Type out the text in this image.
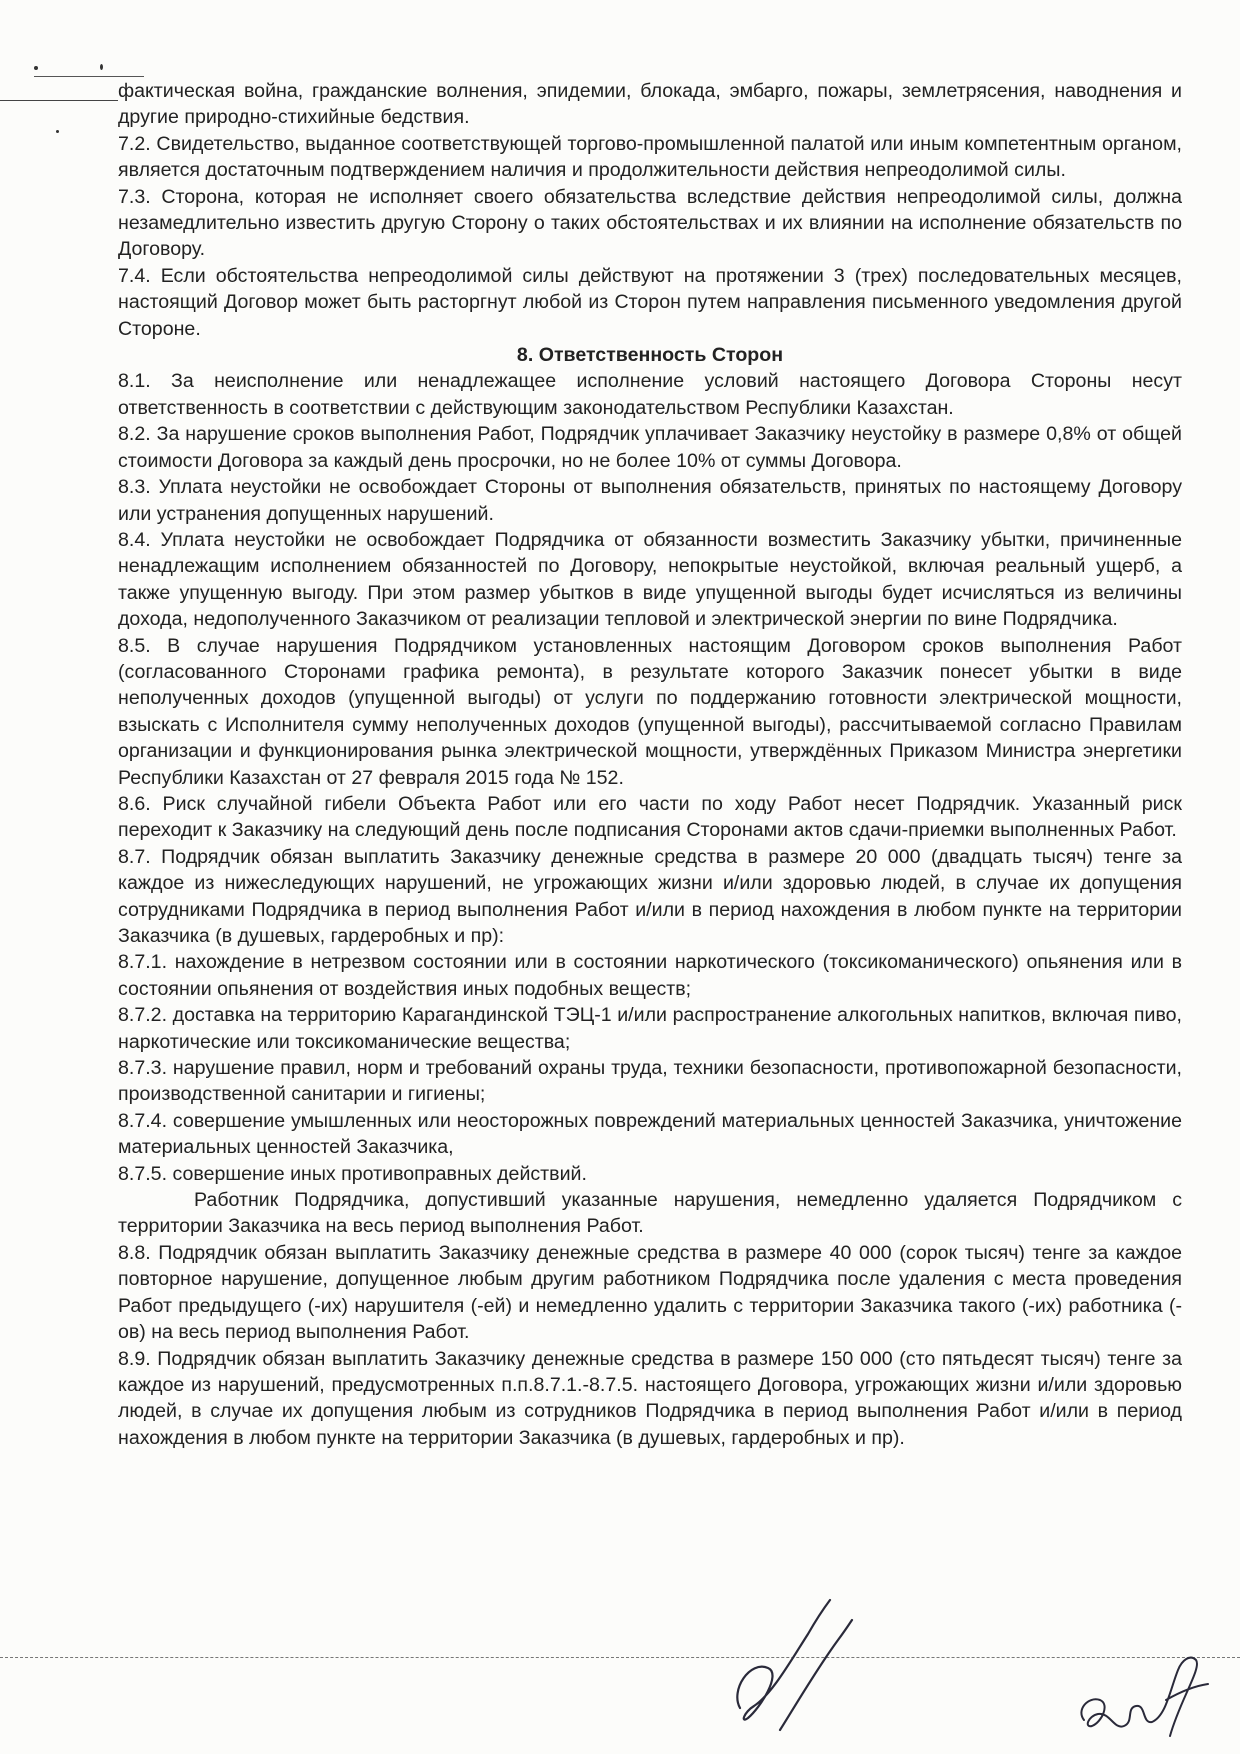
фактическая война, гражданские волнения, эпидемии, блокада, эмбарго, пожары, землетрясения, наводнения и другие природно-стихийные бедствия.

7.2. Свидетельство, выданное соответствующей торгово-промышленной палатой или иным компетентным органом, является достаточным подтверждением наличия и продолжительности действия непреодолимой силы.

7.3. Сторона, которая не исполняет своего обязательства вследствие действия непреодолимой силы, должна незамедлительно известить другую Сторону о таких обстоятельствах и их влиянии на исполнение обязательств по Договору.

7.4. Если обстоятельства непреодолимой силы действуют на протяжении 3 (трех) последовательных месяцев, настоящий Договор может быть расторгнут любой из Сторон путем направления письменного уведомления другой Стороне.

8. Ответственность Сторон

8.1. За неисполнение или ненадлежащее исполнение условий настоящего Договора Стороны несут ответственность в соответствии с действующим законодательством Республики Казахстан.

8.2. За нарушение сроков выполнения Работ, Подрядчик уплачивает Заказчику неустойку в размере 0,8% от общей стоимости Договора за каждый день просрочки, но не более 10% от суммы Договора.

8.3. Уплата неустойки не освобождает Стороны от выполнения обязательств, принятых по настоящему Договору или устранения допущенных нарушений.

8.4. Уплата неустойки не освобождает Подрядчика от обязанности возместить Заказчику убытки, причиненные ненадлежащим исполнением обязанностей по Договору, непокрытые неустойкой, включая реальный ущерб, а также упущенную выгоду. При этом размер убытков в виде упущенной выгоды будет исчисляться из величины дохода, недополученного Заказчиком от реализации тепловой и электрической энергии по вине Подрядчика.

8.5. В случае нарушения Подрядчиком установленных настоящим Договором сроков выполнения Работ (согласованного Сторонами графика ремонта), в результате которого Заказчик понесет убытки в виде неполученных доходов (упущенной выгоды) от услуги по поддержанию готовности электрической мощности, взыскать с Исполнителя сумму неполученных доходов (упущенной выгоды), рассчитываемой согласно Правилам организации и функционирования рынка электрической мощности, утверждённых Приказом Министра энергетики Республики Казахстан от 27 февраля 2015 года № 152.

8.6. Риск случайной гибели Объекта Работ или его части по ходу Работ несет Подрядчик. Указанный риск переходит к Заказчику на следующий день после подписания Сторонами актов сдачи-приемки выполненных Работ.

8.7. Подрядчик обязан выплатить Заказчику денежные средства в размере 20 000 (двадцать тысяч) тенге за каждое из нижеследующих нарушений, не угрожающих жизни и/или здоровью людей, в случае их допущения сотрудниками Подрядчика в период выполнения Работ и/или в период нахождения в любом пункте на территории Заказчика (в душевых, гардеробных и пр):

8.7.1. нахождение в нетрезвом состоянии или в состоянии наркотического (токсикоманического) опьянения или в состоянии опьянения от воздействия иных подобных веществ;

8.7.2. доставка на территорию Карагандинской ТЭЦ-1 и/или распространение алкогольных напитков, включая пиво, наркотические или токсикоманические вещества;

8.7.3. нарушение правил, норм и требований охраны труда, техники безопасности, противопожарной безопасности, производственной санитарии и гигиены;

8.7.4. совершение умышленных или неосторожных повреждений материальных ценностей Заказчика, уничтожение материальных ценностей Заказчика,

8.7.5. совершение иных противоправных действий.

Работник Подрядчика, допустивший указанные нарушения, немедленно удаляется Подрядчиком с территории Заказчика на весь период выполнения Работ.

8.8. Подрядчик обязан выплатить Заказчику денежные средства в размере 40 000 (сорок тысяч) тенге за каждое повторное нарушение, допущенное любым другим работником Подрядчика после удаления с места проведения Работ предыдущего (-их) нарушителя (-ей) и немедленно удалить с территории Заказчика такого (-их) работника (-ов) на весь период выполнения Работ.

8.9. Подрядчик обязан выплатить Заказчику денежные средства в размере 150 000 (сто пятьдесят тысяч) тенге за каждое из нарушений, предусмотренных п.п.8.7.1.-8.7.5. настоящего Договора, угрожающих жизни и/или здоровью людей, в случае их допущения любым из сотрудников Подрядчика в период выполнения Работ и/или в период нахождения в любом пункте на территории Заказчика (в душевых, гардеробных и пр).
